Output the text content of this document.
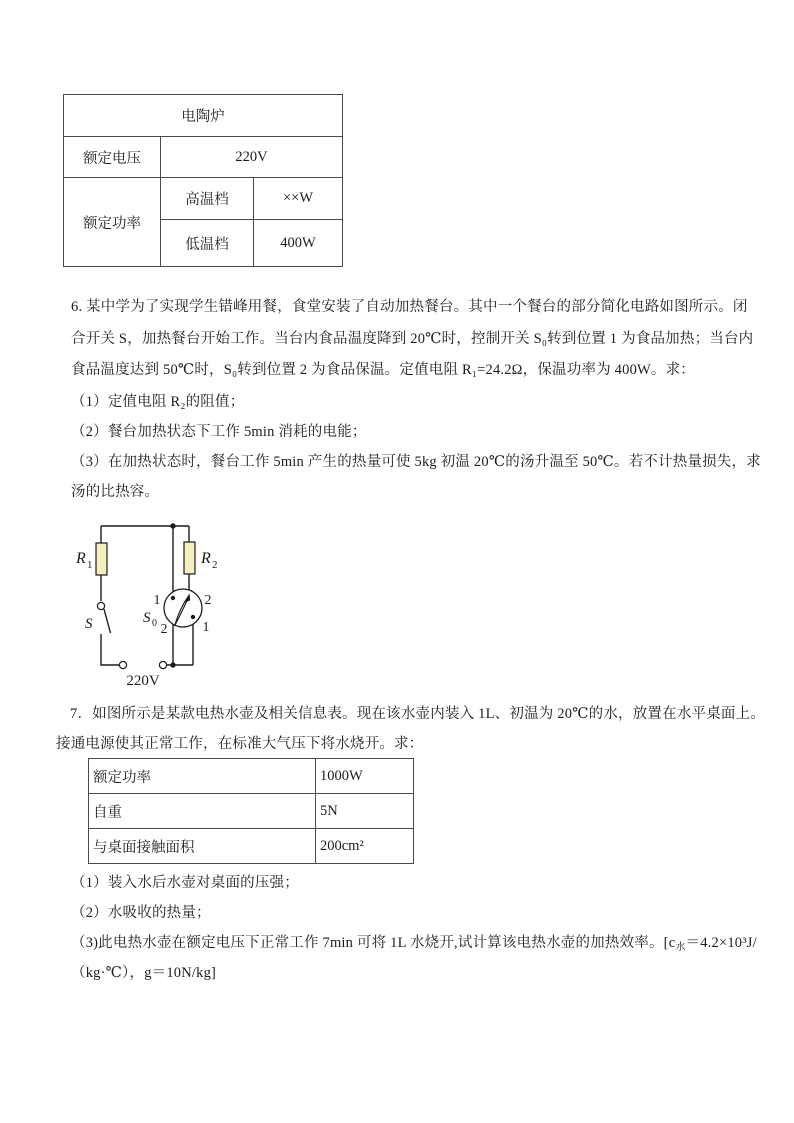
电陶炉		
额定电压	220V	
额定功率	高温档	××W
	低温档	400W
6. 某中学为了实现学生错峰用餐，食堂安装了自动加热餐台。其中一个餐台的部分简化电路如图所示。闭
合开关 S，加热餐台开始工作。当台内食品温度降到 20℃时，控制开关 S₀转到位置 1 为食品加热；当台内
食品温度达到 50℃时，S₀转到位置 2 为食品保温。定值电阻 R₁=24.2Ω，保温功率为 400W。求：
（1）定值电阻 R₂的阻值；
（2）餐台加热状态下工作 5min 消耗的电能；
（3）在加热状态时，餐台工作 5min 产生的热量可使 5kg 初温 20℃的汤升温至 50℃。若不计热量损失，求
汤的比热容。
R 1	R 2
S	S 0
1
2
2
1
220V
7．如图所示是某款电热水壶及相关信息表。现在该水壶内装入 1L、初温为 20℃的水，放置在水平桌面上。
接通电源使其正常工作，在标准大气压下将水烧开。求：
额定功率	1000W
自重	5N
与桌面接触面积	200cm²
（1）装入水后水壶对桌面的压强；
（2）水吸收的热量；
（3)此电热水壶在额定电压下正常工作 7min 可将 1L 水烧开,试计算该电热水壶的加热效率。[$c_水=4.2\times 10^3J/$
（kg·℃），g＝10N/kg]
